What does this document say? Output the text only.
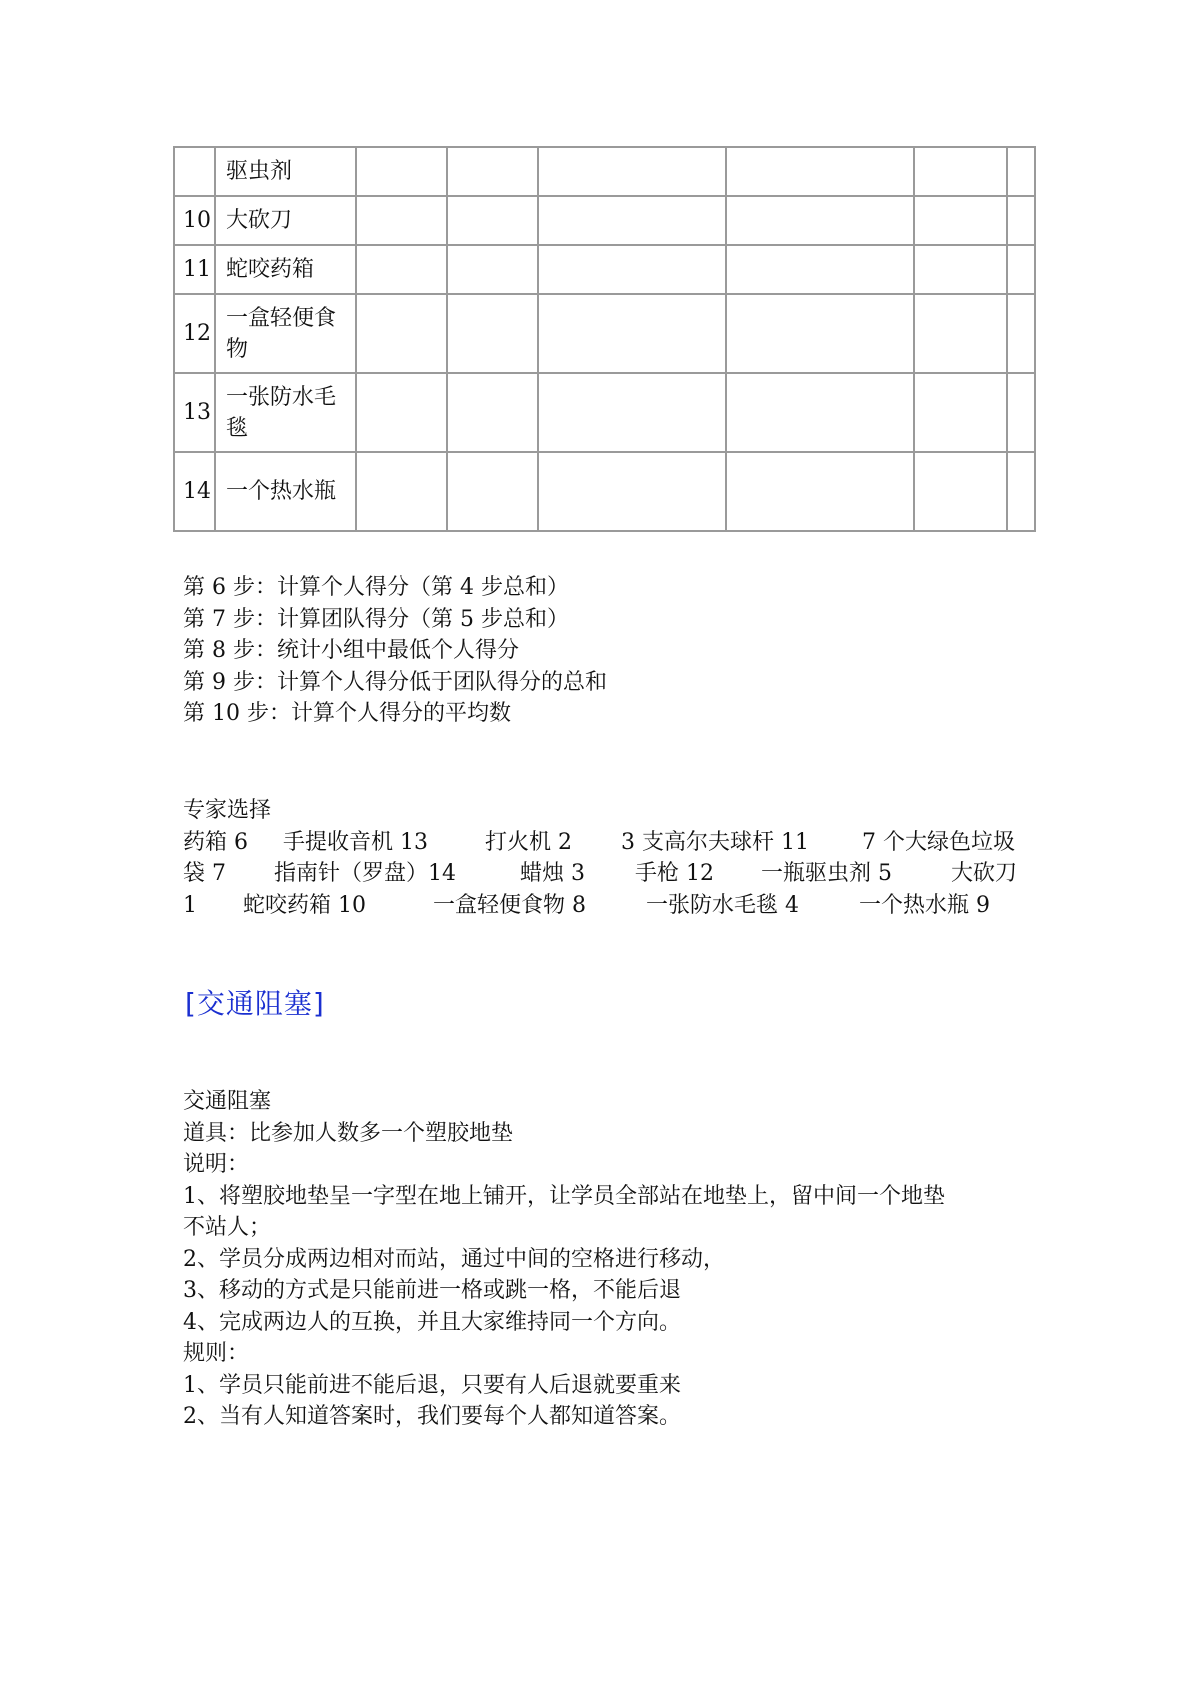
	驱虫剂						
10	大砍刀						
11	蛇咬药箱						
12	一盒轻便食物						
13	一张防水毛毯						
14	一个热水瓶						
第 6 步：计算个人得分（第 4 步总和）
第 7 步：计算团队得分（第 5 步总和）
第 8 步：统计小组中最低个人得分
第 9 步：计算个人得分低于团队得分的总和
第 10 步：计算个人得分的平均数
专家选择
药箱 6 手提收音机 13	打火机 2 3 支高尔夫球杆 11 7 个大绿色垃圾
袋 7 指南针（罗盘）14	蜡烛 3 手枪 12 一瓶驱虫剂 5	大砍刀
1 蛇咬药箱 10	一盒轻便食物 8	一张防水毛毯 4	一个热水瓶 9
[交通阻塞]
交通阻塞
道具：比参加人数多一个塑胶地垫
说明：
1、将塑胶地垫呈一字型在地上铺开，让学员全部站在地垫上，留中间一个地垫
不站人；
2、学员分成两边相对而站，通过中间的空格进行移动，
3、移动的方式是只能前进一格或跳一格，不能后退
4、完成两边人的互换，并且大家维持同一个方向。
规则：
1、学员只能前进不能后退，只要有人后退就要重来
2、当有人知道答案时，我们要每个人都知道答案。
